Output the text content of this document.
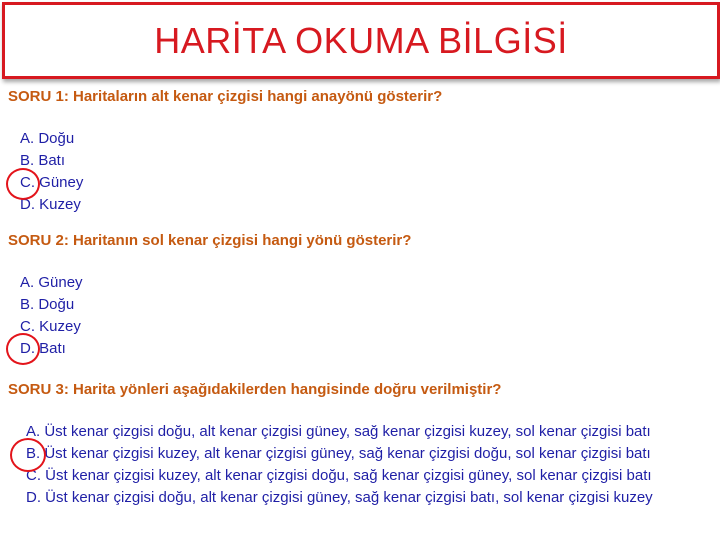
HARİTA OKUMA BİLGİSİ
SORU 1: Haritaların alt kenar çizgisi hangi anayönü gösterir?
A. Doğu
B. Batı
C. Güney
D. Kuzey
SORU 2: Haritanın sol kenar çizgisi hangi yönü gösterir?
A. Güney
B. Doğu
C. Kuzey
D. Batı
SORU 3: Harita yönleri aşağıdakilerden hangisinde doğru verilmiştir?
A. Üst kenar çizgisi doğu, alt kenar çizgisi güney, sağ kenar çizgisi kuzey, sol kenar çizgisi batı
B. Üst kenar çizgisi kuzey, alt kenar çizgisi güney, sağ kenar çizgisi doğu, sol kenar çizgisi batı
C. Üst kenar çizgisi kuzey, alt kenar çizgisi doğu, sağ kenar çizgisi güney, sol kenar çizgisi batı
D. Üst kenar çizgisi doğu, alt kenar çizgisi güney, sağ kenar çizgisi batı, sol kenar çizgisi kuzey
